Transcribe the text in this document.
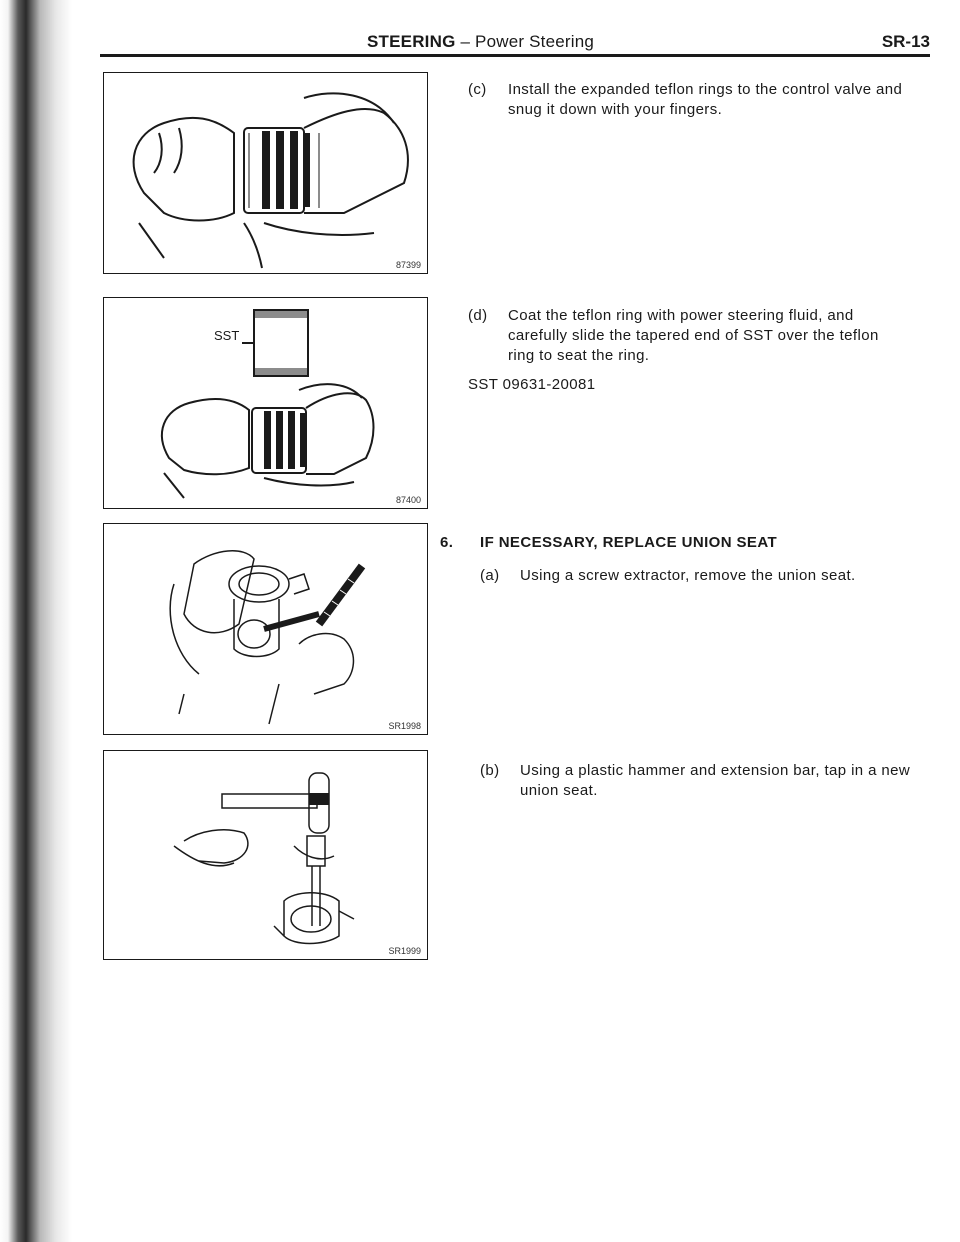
STEERING – Power Steering	SR-13
87399
SST
87400
SR1998
SR1999
(c) Install the expanded teflon rings to the control valve and snug it down with your fingers.
(d) Coat the teflon ring with power steering fluid, and carefully slide the tapered end of SST over the teflon ring to seat the ring.
SST 09631-20081
6. IF NECESSARY, REPLACE UNION SEAT
(a) Using a screw extractor, remove the union seat.
(b) Using a plastic hammer and extension bar, tap in a new union seat.
